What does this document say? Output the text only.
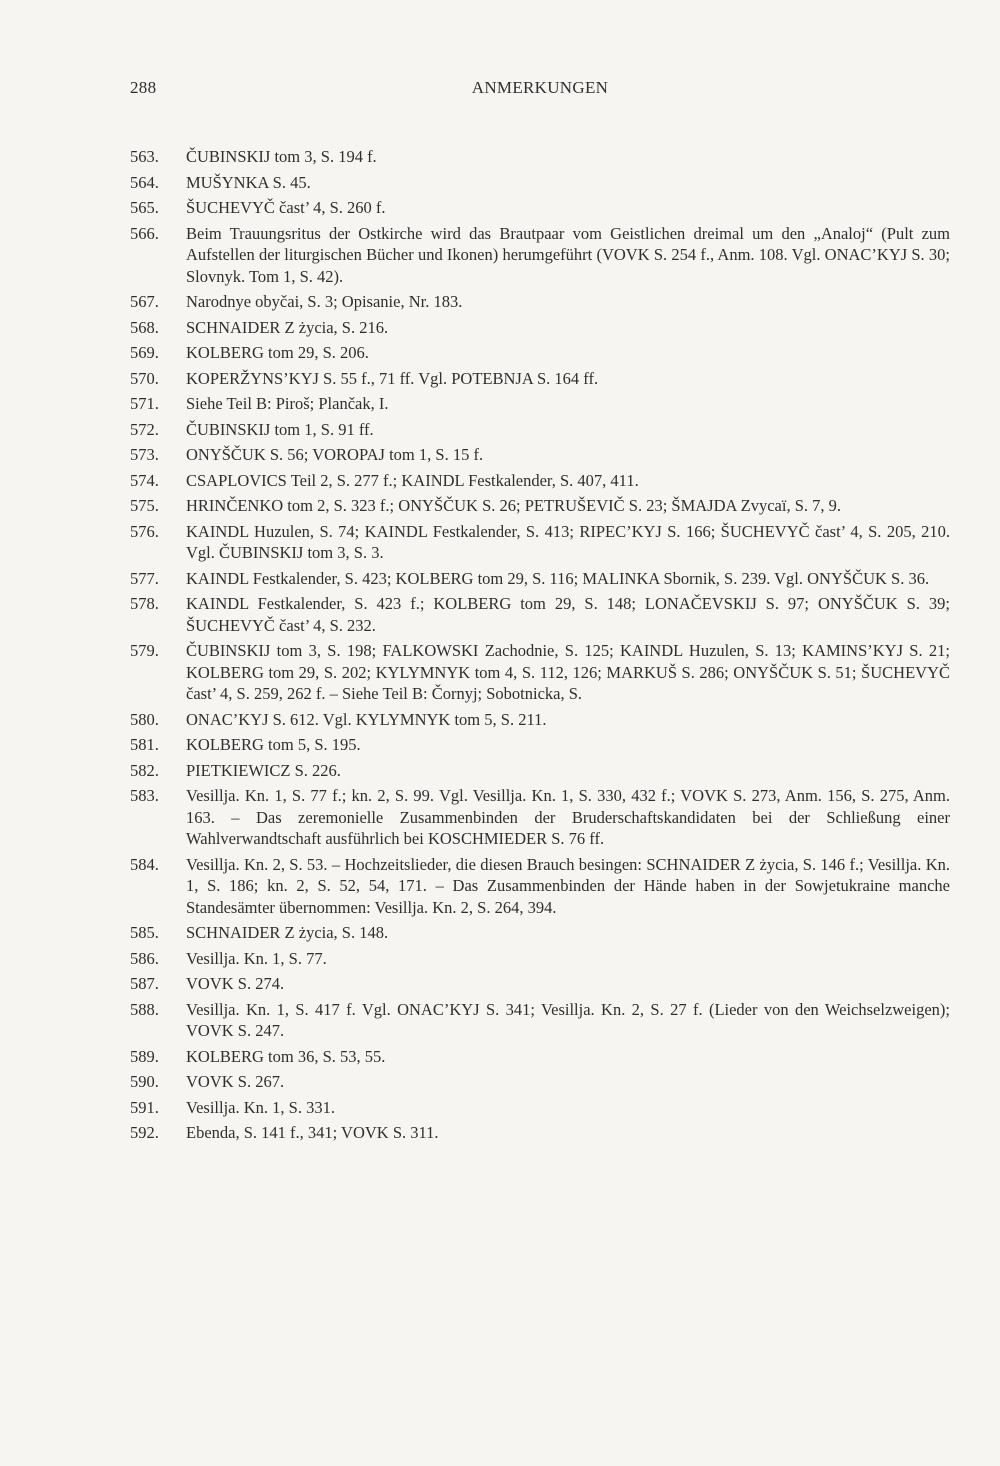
288	ANMERKUNGEN
563.	ČUBINSKIJ tom 3, S. 194 f.
564.	MUŠYNKA S. 45.
565.	ŠUCHEVYČ čast’ 4, S. 260 f.
566.	Beim Trauungsritus der Ostkirche wird das Brautpaar vom Geistlichen dreimal um den „Analoj“ (Pult zum Aufstellen der liturgischen Bücher und Ikonen) herumgeführt (VOVK S. 254 f., Anm. 108. Vgl. ONAC’KYJ S. 30; Slovnyk. Tom 1, S. 42).
567.	Narodnye obyčai, S. 3; Opisanie, Nr. 183.
568.	SCHNAIDER Z życia, S. 216.
569.	KOLBERG tom 29, S. 206.
570.	KOPERŽYNS’KYJ S. 55 f., 71 ff. Vgl. POTEBNJA S. 164 ff.
571.	Siehe Teil B: Piroš; Plančak, I.
572.	ČUBINSKIJ tom 1, S. 91 ff.
573.	ONYŠČUK S. 56; VOROPAJ tom 1, S. 15 f.
574.	CSAPLOVICS Teil 2, S. 277 f.; KAINDL Festkalender, S. 407, 411.
575.	HRINČENKO tom 2, S. 323 f.; ONYŠČUK S. 26; PETRUŠEVIČ S. 23; ŠMAJDA Zvycaï, S. 7, 9.
576.	KAINDL Huzulen, S. 74; KAINDL Festkalender, S. 413; RIPEC’KYJ S. 166; ŠUCHEVYČ čast’ 4, S. 205, 210. Vgl. ČUBINSKIJ tom 3, S. 3.
577.	KAINDL Festkalender, S. 423; KOLBERG tom 29, S. 116; MALINKA Sbornik, S. 239. Vgl. ONYŠČUK S. 36.
578.	KAINDL Festkalender, S. 423 f.; KOLBERG tom 29, S. 148; LONAČEVSKIJ S. 97; ONYŠČUK S. 39; ŠUCHEVYČ čast’ 4, S. 232.
579.	ČUBINSKIJ tom 3, S. 198; FALKOWSKI Zachodnie, S. 125; KAINDL Huzulen, S. 13; KAMINS’KYJ S. 21; KOLBERG tom 29, S. 202; KYLYMNYK tom 4, S. 112, 126; MARKUŠ S. 286; ONYŠČUK S. 51; ŠUCHEVYČ čast’ 4, S. 259, 262 f. – Siehe Teil B: Čornyj; Sobotnicka, S.
580.	ONAC’KYJ S. 612. Vgl. KYLYMNYK tom 5, S. 211.
581.	KOLBERG tom 5, S. 195.
582.	PIETKIEWICZ S. 226.
583.	Vesillja. Kn. 1, S. 77 f.; kn. 2, S. 99. Vgl. Vesillja. Kn. 1, S. 330, 432 f.; VOVK S. 273, Anm. 156, S. 275, Anm. 163. – Das zeremonielle Zusammenbinden der Bruderschaftskandidaten bei der Schließung einer Wahlverwandtschaft ausführlich bei KOSCHMIEDER S. 76 ff.
584.	Vesillja. Kn. 2, S. 53. – Hochzeitslieder, die diesen Brauch besingen: SCHNAIDER Z życia, S. 146 f.; Vesillja. Kn. 1, S. 186; kn. 2, S. 52, 54, 171. – Das Zusammenbinden der Hände haben in der Sowjetukraine manche Standesämter übernommen: Vesillja. Kn. 2, S. 264, 394.
585.	SCHNAIDER Z życia, S. 148.
586.	Vesillja. Kn. 1, S. 77.
587.	VOVK S. 274.
588.	Vesillja. Kn. 1, S. 417 f. Vgl. ONAC’KYJ S. 341; Vesillja. Kn. 2, S. 27 f. (Lieder von den Weichselzweigen); VOVK S. 247.
589.	KOLBERG tom 36, S. 53, 55.
590.	VOVK S. 267.
591.	Vesillja. Kn. 1, S. 331.
592.	Ebenda, S. 141 f., 341; VOVK S. 311.
